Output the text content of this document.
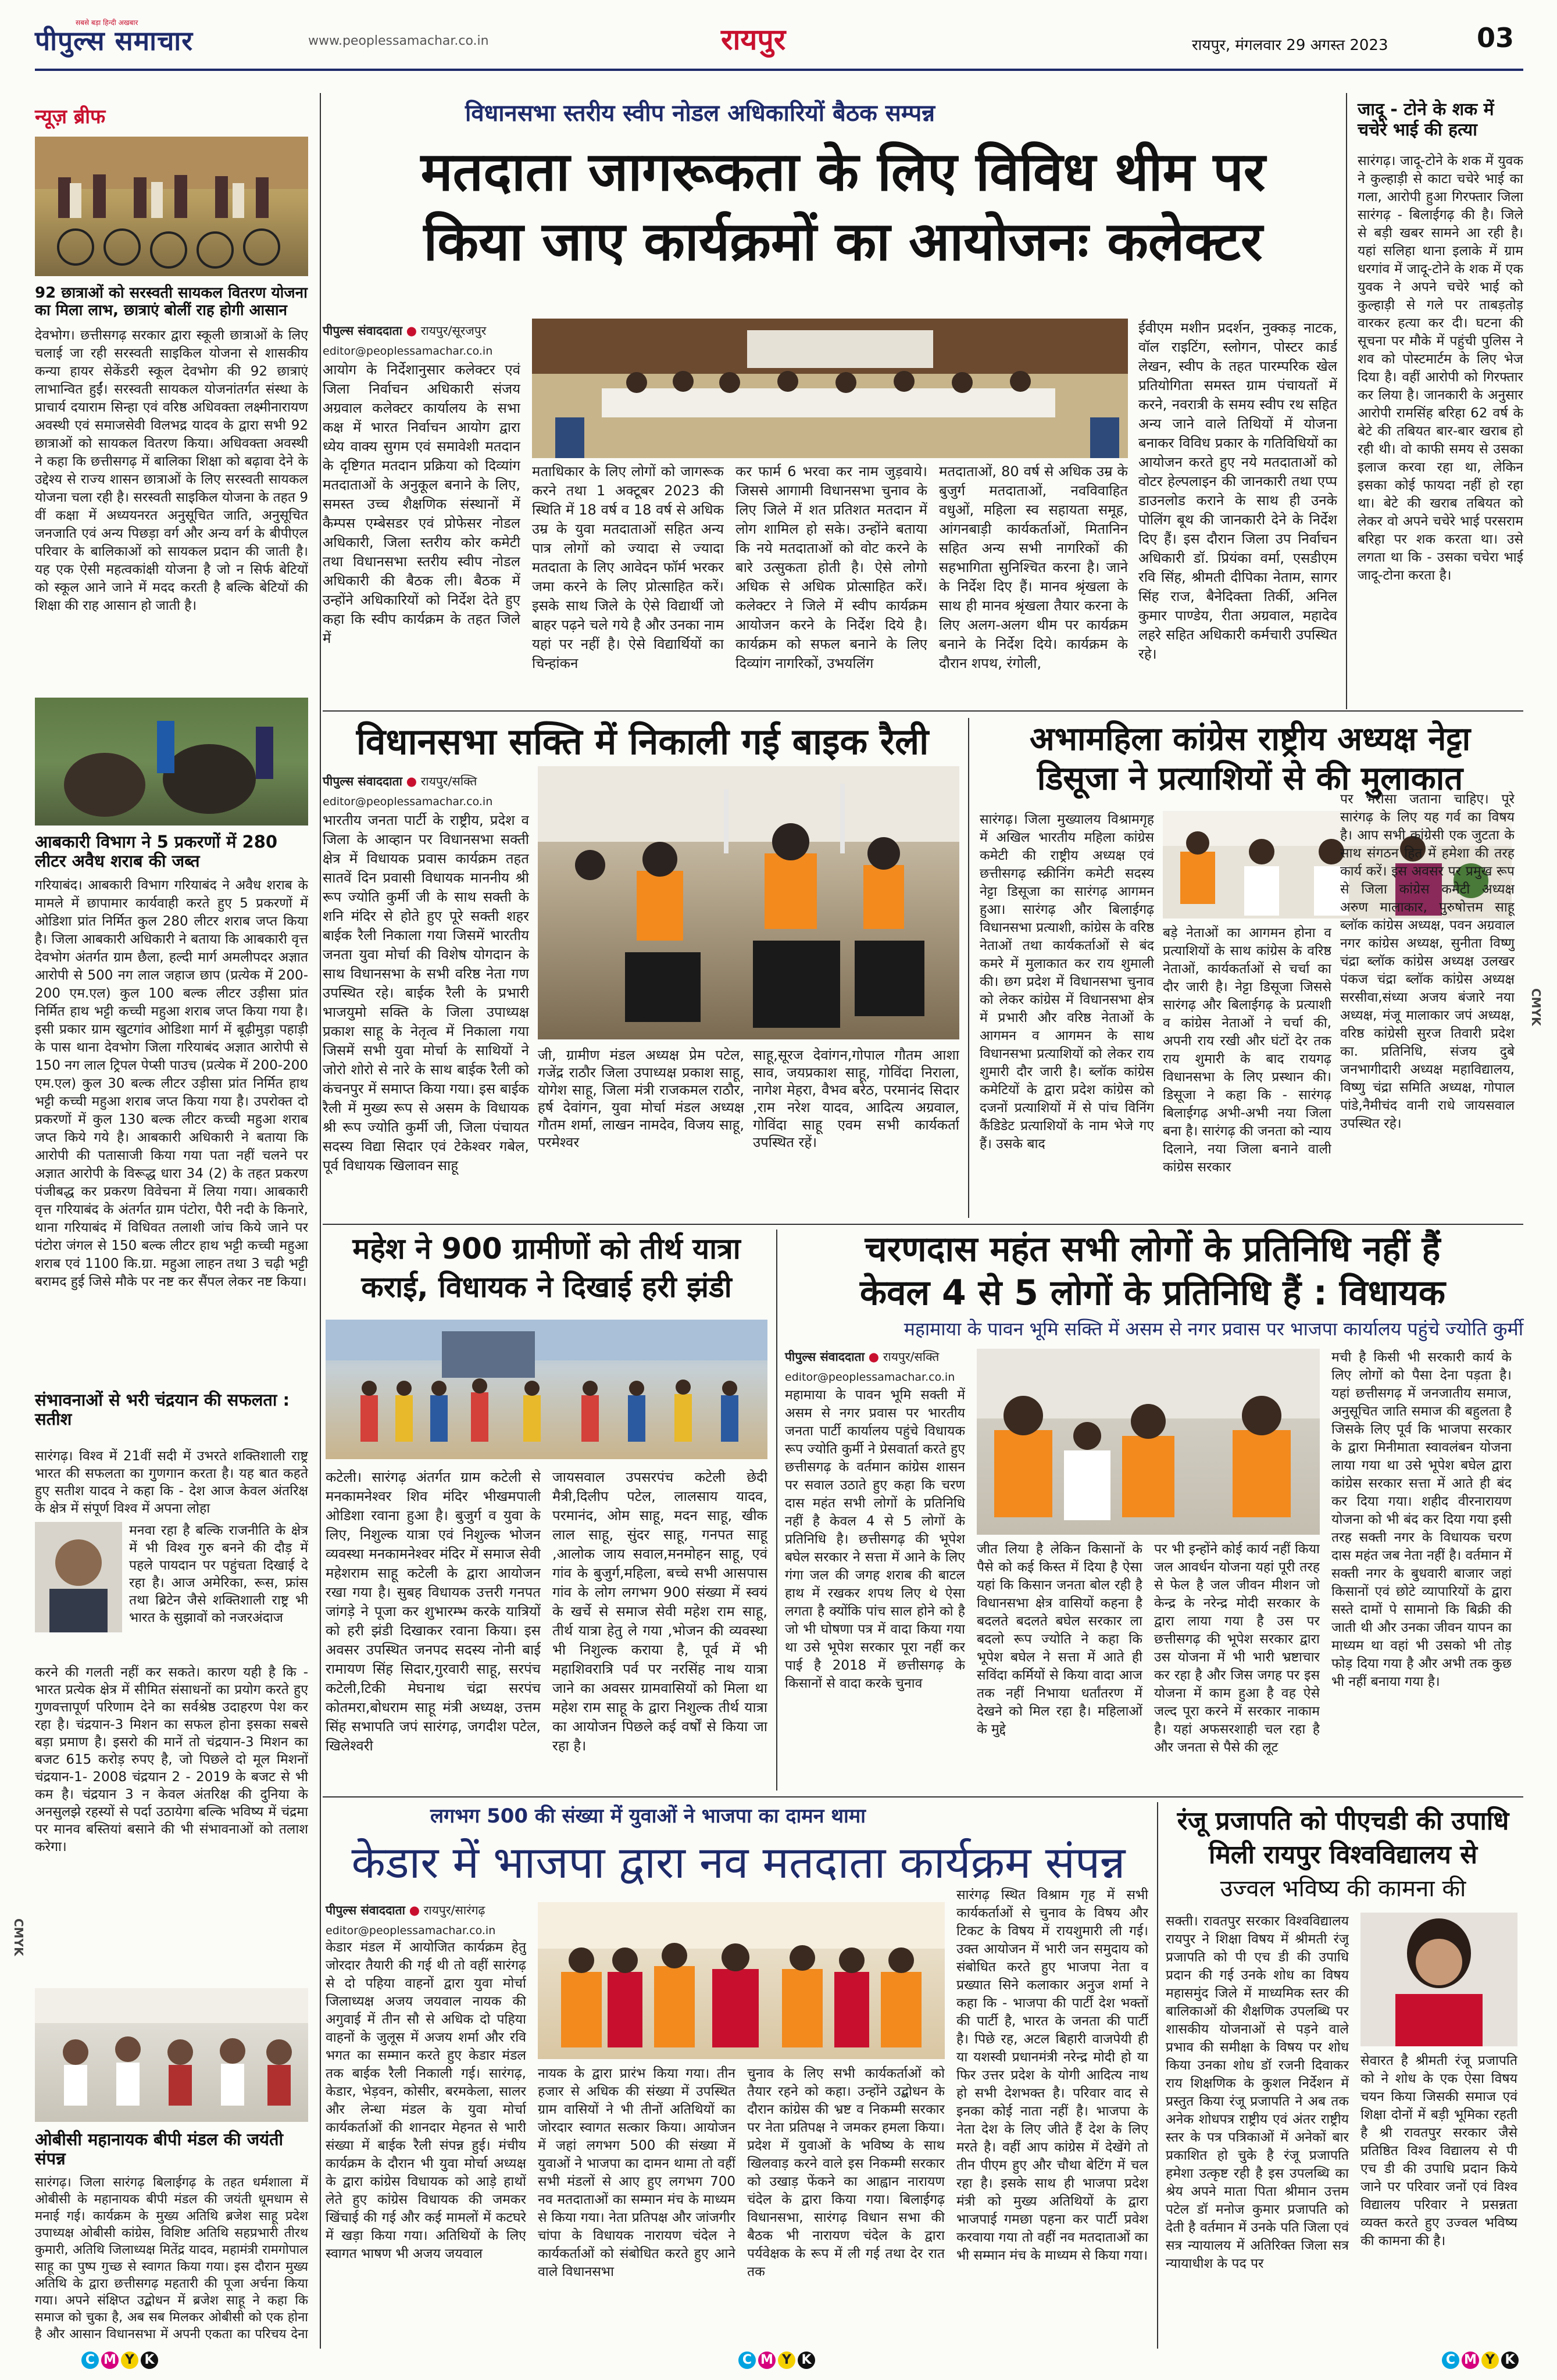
पीपुल्स समाचार
सबसे बड़ा हिन्दी अखबार
www.peoplessamachar.co.in	रायपुर	रायपुर, मंगलवार 29 अगस्त 2023	03
न्यूज़ ब्रीफ
92 छात्राओं को सरस्वती सायकल वितरण योजना का मिला लाभ, छात्राएं बोलीं राह होगी आसान
देवभोग। छत्तीसगढ़ सरकार द्वारा स्कूली छात्राओं के लिए चलाई जा रही सरस्वती साइकिल योजना से शासकीय कन्या हायर सेकेंडरी स्कूल देवभोग की 92 छात्राएं लाभान्वित हुईं। सरस्वती सायकल योजनांतर्गत संस्था के प्राचार्य दयाराम सिन्हा एवं वरिष्ठ अधिवक्ता लक्ष्मीनारायण अवस्थी एवं समाजसेवी विलभद्र यादव के द्वारा सभी 92 छात्राओं को सायकल वितरण किया। अधिवक्ता अवस्थी ने कहा कि छत्तीसगढ़ में बालिका शिक्षा को बढ़ावा देने के उद्देश्य से राज्य शासन छात्राओं के लिए सरस्वती सायकल योजना चला रही है। सरस्वती साइकिल योजना के तहत 9 वीं कक्षा में अध्ययनरत अनुसूचित जाति, अनुसूचित जनजाति एवं अन्य पिछड़ा वर्ग और अन्य वर्ग के बीपीएल परिवार के बालिकाओं को सायकल प्रदान की जाती है। यह एक ऐसी महत्वकांक्षी योजना है जो न सिर्फ बेटियों को स्कूल आने जाने में मदद करती है बल्कि बेटियों की शिक्षा की राह आसान हो जाती है।
आबकारी विभाग ने 5 प्रकरणों में 280 लीटर अवैध शराब की जब्त
गरियाबंद। आबकारी विभाग गरियाबंद ने अवैध शराब के मामले में छापामार कार्यवाही करते हुए 5 प्रकरणों में ओडिशा प्रांत निर्मित कुल 280 लीटर शराब जप्त किया है। जिला आबकारी अधिकारी ने बताया कि आबकारी वृत्त देवभोग अंतर्गत ग्राम छैला, हल्दी मार्ग अमलीपदर अज्ञात आरोपी से 500 नग लाल जहाज छाप (प्रत्येक में 200-200 एम.एल) कुल 100 बल्क लीटर उड़ीसा प्रांत निर्मित हाथ भट्टी कच्ची महुआ शराब जप्त किया गया है। इसी प्रकार ग्राम खुटगांव ओडिशा मार्ग में बूढ़ीमुड़ा पहाड़ी के पास थाना देवभोग जिला गरियाबंद अज्ञात आरोपी से 150 नग लाल ट्रिपल पेप्सी पाउच (प्रत्येक में 200-200 एम.एल) कुल 30 बल्क लीटर उड़ीसा प्रांत निर्मित हाथ भट्टी कच्ची महुआ शराब जप्त किया गया है। उपरोक्त दो प्रकरणों में कुल 130 बल्क लीटर कच्ची महुआ शराब जप्त किये गये है। आबकारी अधिकारी ने बताया कि आरोपी की पतासाजी किया गया पता नहीं चलने पर अज्ञात आरोपी के विरूद्ध धारा 34 (2) के तहत प्रकरण पंजीबद्ध कर प्रकरण विवेचना में लिया गया। आबकारी वृत्त गरियाबंद के अंतर्गत ग्राम पंटोरा, पैरी नदी के किनारे, थाना गरियाबंद में विधिवत तलाशी जांच किये जाने पर पंटोरा जंगल से 150 बल्क लीटर हाथ भट्टी कच्ची महुआ शराब एवं 1100 कि.ग्रा. महुआ लाहन तथा 3 चढ़ी भट्टी बरामद हुई जिसे मौके पर नष्ट कर सैंपल लेकर नष्ट किया।
संभावनाओं से भरी चंद्रयान की सफलता : सतीश
सारंगढ़। विश्व में 21वीं सदी में उभरते शक्तिशाली राष्ट्र भारत की सफलता का गुणगान करता है। यह बात कहते हुए सतीश यादव ने कहा कि - देश आज केवल अंतरिक्ष के क्षेत्र में संपूर्ण विश्व में अपना लोहा
मनवा रहा है बल्कि राजनीति के क्षेत्र में भी विश्व गुरु बनने की दौड़ में पहले पायदान पर पहुंचता दिखाई दे रहा है। आज अमेरिका, रूस, फ्रांस तथा ब्रिटेन जैसे शक्तिशाली राष्ट्र भी भारत के सुझावों को नजरअंदाज
करने की गलती नहीं कर सकते। कारण यही है कि - भारत प्रत्येक क्षेत्र में सीमित संसाधनों का प्रयोग करते हुए गुणवत्तापूर्ण परिणाम देने का सर्वश्रेष्ठ उदाहरण पेश कर रहा है। चंद्रयान-3 मिशन का सफल होना इसका सबसे बड़ा प्रमाण है। इसरो की मानें तो चंद्रयान-3 मिशन का बजट 615 करोड़ रुपए है, जो पिछले दो मूल मिशनों चंद्रयान-1- 2008 चंद्रयान 2 - 2019 के बजट से भी कम है। चंद्रयान 3 न केवल अंतरिक्ष की दुनिया के अनसुलझे रहस्यों से पर्दा उठायेगा बल्कि भविष्य में चंद्रमा पर मानव बस्तियां बसाने की भी संभावनाओं को तलाश करेगा।
ओबीसी महानायक बीपी मंडल की जयंती संपन्न
सारंगढ़। जिला सारंगढ़ बिलाईगढ़ के तहत धर्मशाला में ओबीसी के महानायक बीपी मंडल की जयंती धूमधाम से मनाई गई। कार्यक्रम के मुख्य अतिथि ब्रजेश साहू प्रदेश उपाध्यक्ष ओबीसी कांग्रेस, विशिष्ट अतिथि सहप्रभारी तीरथ कुमारी, अतिथि जिलाध्यक्ष मितेंद्र यादव, महामंत्री रामगोपाल साहू का पुष्प गुच्छ से स्वागत किया गया। इस दौरान मुख्य अतिथि के द्वारा छत्तीसगढ़ महतारी की पूजा अर्चना किया गया। अपने संक्षिप्त उद्बोधन में ब्रजेश साहू ने कहा कि समाज को चुका है, अब सब मिलकर ओबीसी को एक होना है और आसान विधानसभा में अपनी एकता का परिचय देना
CMYK
विधानसभा स्तरीय स्वीप नोडल अधिकारियों बैठक सम्पन्न
मतदाता जागरूकता के लिए विविध थीम पर
किया जाए कार्यक्रमों का आयोजनः कलेक्टर
पीपुल्स संवाददाता ● रायपुर/सूरजपुर
editor@peoplessamachar.co.in
आयोग के निर्देशानुसार कलेक्टर एवं जिला निर्वाचन अधिकारी संजय अग्रवाल कलेक्टर कार्यालय के सभा कक्ष में भारत निर्वाचन आयोग द्वारा ध्येय वाक्य सुगम एवं समावेशी मतदान के दृष्टिगत मतदान प्रक्रिया को दिव्यांग मतदाताओं के अनुकूल बनाने के लिए, समस्त उच्च शैक्षणिक संस्थानों में कैम्पस एम्बेसडर एवं प्रोफेसर नोडल अधिकारी, जिला स्तरीय कोर कमेटी तथा विधानसभा स्तरीय स्वीप नोडल अधिकारी की बैठक ली। बैठक में उन्होंने अधिकारियों को निर्देश देते हुए कहा कि स्वीप कार्यक्रम के तहत जिले में
मताधिकार के लिए लोगों को जागरूक करने तथा 1 अक्टूबर 2023 की स्थिति में 18 वर्ष व 18 वर्ष से अधिक उम्र के युवा मतदाताओं सहित अन्य पात्र लोगों को ज्यादा से ज्यादा मतदाता के लिए आवेदन फॉर्म भरकर जमा करने के लिए प्रोत्साहित करें। इसके साथ जिले के ऐसे विद्यार्थी जो बाहर पढ़ने चले गये है और उनका नाम यहां पर नहीं है। ऐसे विद्यार्थियों का चिन्हांकन
कर फार्म 6 भरवा कर नाम जुड़वाये। जिससे आगामी विधानसभा चुनाव के लिए जिले में शत प्रतिशत मतदान में लोग शामिल हो सके। उन्होंने बताया कि नये मतदाताओं को वोट करने के बारे उत्सुकता होती है। ऐसे लोगो अधिक से अधिक प्रोत्साहित करें। कलेक्टर ने जिले में स्वीप कार्यक्रम आयोजन करने के निर्देश दिये है। कार्यक्रम को सफल बनाने के लिए दिव्यांग नागरिकों, उभयलिंग
मतदाताओं, 80 वर्ष से अधिक उम्र के बुजुर्ग मतदाताओं, नवविवाहित वधुओं, महिला स्व सहायता समूह, आंगनबाड़ी कार्यकर्ताओं, मितानिन सहित अन्य सभी नागरिकों की सहभागिता सुनिश्चित करना है। जाने के निर्देश दिए हैं। मानव श्रृंखला के साथ ही मानव श्रृंखला तैयार करना के लिए अलग-अलग थीम पर कार्यक्रम बनाने के निर्देश दिये। कार्यक्रम के दौरान शपथ, रंगोली,
ईवीएम मशीन प्रदर्शन, नुक्कड़ नाटक, वॉल राइटिंग, स्लोगन, पोस्टर कार्ड लेखन, स्वीप के तहत पारम्परिक खेल प्रतियोगिता समस्त ग्राम पंचायतों में करने, नवरात्री के समय स्वीप रथ सहित अन्य जाने वाले तिथियों में योजना बनाकर विविध प्रकार के गतिविधियों का आयोजन करते हुए नये मतदाताओं को वोटर हेल्पलाइन की जानकारी तथा एप्प डाउनलोड कराने के साथ ही उनके पोलिंग बूथ की जानकारी देने के निर्देश दिए हैं। इस दौरान जिला उप निर्वाचन अधिकारी डॉ. प्रियंका वर्मा, एसडीएम रवि सिंह, श्रीमती दीपिका नेताम, सागर सिंह राज, बैनेदिक्ता तिर्की, अनिल कुमार पाण्डेय, रीता अग्रवाल, महादेव लहरे सहित अधिकारी कर्मचारी उपस्थित रहे।
जादू - टोने के शक में चचेरे भाई की हत्या
सारंगढ़। जादू-टोने के शक में युवक ने कुल्हाड़ी से काटा चचेरे भाई का गला, आरोपी हुआ गिरफ्तार जिला सारंगढ़ - बिलाईगढ़ की है। जिले से बड़ी खबर सामने आ रही है। यहां सलिहा थाना इलाके में ग्राम धरगांव में जादू-टोने के शक में एक युवक ने अपने चचेरे भाई को कुल्हाड़ी से गले पर ताबड़तोड़ वारकर हत्या कर दी। घटना की सूचना पर मौके में पहुंची पुलिस ने शव को पोस्टमार्टम के लिए भेज दिया है। वहीं आरोपी को गिरफ्तार कर लिया है। जानकारी के अनुसार आरोपी रामसिंह बरिहा 62 वर्ष के बेटे की तबियत बार-बार खराब हो रही थी। वो काफी समय से उसका इलाज करवा रहा था, लेकिन इसका कोई फायदा नहीं हो रहा था। बेटे की खराब तबियत को लेकर वो अपने चचेरे भाई परसराम बरिहा पर शक करता था। उसे लगता था कि - उसका चचेरा भाई जादू-टोना करता है।
विधानसभा सक्ति में निकाली गई बाइक रैली
पीपुल्स संवाददाता ● रायपुर/सक्ति
editor@peoplessamachar.co.in
भारतीय जनता पार्टी के राष्ट्रीय, प्रदेश व जिला के आव्हान पर विधानसभा सक्ती क्षेत्र में विधायक प्रवास कार्यक्रम तहत सातवें दिन प्रवासी विधायक माननीय श्री रूप ज्योति कुर्मी जी के साथ सक्ती के शनि मंदिर से होते हुए पूरे सक्ती शहर बाईक रैली निकाला गया जिसमें भारतीय जनता युवा मोर्चा की विशेष योगदान के साथ विधानसभा के सभी वरिष्ठ नेता गण उपस्थित रहे। बाईक रैली के प्रभारी भाजयुमो सक्ति के जिला उपाध्यक्ष प्रकाश साहू के नेतृत्व में निकाला गया जिसमें सभी युवा मोर्चा के साथियों ने जोरो शोरो से नारे के साथ बाईक रैली को कंचनपुर में समाप्त किया गया। इस बाईक रैली में मुख्य रूप से असम के विधायक श्री रूप ज्योति कुर्मी जी, जिला पंचायत सदस्य विद्या सिदार एवं टेकेश्वर गबेल, पूर्व विधायक खिलावन साहू
जी, ग्रामीण मंडल अध्यक्ष प्रेम पटेल, गजेंद्र राठौर जिला उपाध्यक्ष प्रकाश साहू, योगेश साहू, जिला मंत्री राजकमल राठौर, हर्ष देवांगन, युवा मोर्चा मंडल अध्यक्ष गौतम शर्मा, लाखन नामदेव, विजय साहू, परमेश्वर
साहू,सूरज देवांगन,गोपाल गौतम आशा साव, जयप्रकाश साहू, गोविंदा निराला, नागेश मेहरा, वैभव बरेठ, परमानंद सिदार ,राम नरेश यादव, आदित्य अग्रवाल, गोविंदा साहू एवम सभी कार्यकर्ता उपस्थित रहें।
अभामहिला कांग्रेस राष्ट्रीय अध्यक्ष नेट्टा
डिसूजा ने प्रत्याशियों से की मुलाकात
सारंगढ़। जिला मुख्यालय विश्रामगृह में अखिल भारतीय महिला कांग्रेस कमेटी की राष्ट्रीय अध्यक्ष एवं छत्तीसगढ़ स्क्रीनिंग कमेटी सदस्य नेट्टा डिसूजा का सारंगढ़ आगमन हुआ। सारंगढ़ और बिलाईगढ़ विधानसभा प्रत्याशी, कांग्रेस के वरिष्ठ नेताओं तथा कार्यकर्ताओं से बंद कमरे में मुलाकात कर राय शुमाली की। छग प्रदेश में विधानसभा चुनाव को लेकर कांग्रेस में विधानसभा क्षेत्र में प्रभारी और वरिष्ठ नेताओं के आगमन व आगमन के साथ विधानसभा प्रत्याशियों को लेकर राय शुमारी दौर जारी है। ब्लॉक कांग्रेस कमेटियों के द्वारा प्रदेश कांग्रेस को दजनों प्रत्याशियों में से पांच विनिंग कैंडिडेट प्रत्याशियों के नाम भेजे गए हैं। उसके बाद
बड़े नेताओं का आगमन होना व प्रत्याशियों के साथ कांग्रेस के वरिष्ठ नेताओं, कार्यकर्ताओं से चर्चा का दौर जारी है। नेट्टा डिसूजा जिससे सारंगढ़ और बिलाईगढ़ के प्रत्याशी व कांग्रेस नेताओं ने चर्चा की, अपनी राय रखी और घंटों देर तक राय शुमारी के बाद रायगढ़ विधानसभा के लिए प्रस्थान की। डिसूजा ने कहा कि - सारंगढ़ बिलाईगढ़ अभी-अभी नया जिला बना है। सारंगढ़ की जनता को न्याय दिलाने, नया जिला बनाने वाली कांग्रेस सरकार
पर भरोसा जताना चाहिए। पूरे सारंगढ़ के लिए यह गर्व का विषय है। आप सभी कांग्रेसी एक जुटता के साथ संगठन हित में हमेशा की तरह कार्य करें। इस अवसर पर प्रमुख रूप से जिला कांग्रेस कमेटी अध्यक्ष अरुण मालाकार, पुरुषोत्तम साहू ब्लॉक कांग्रेस अध्यक्ष, पवन अग्रवाल नगर कांग्रेस अध्यक्ष, सुनीता विष्णु चंद्रा ब्लॉक कांग्रेस अध्यक्ष उलखर पंकज चंद्रा ब्लॉक कांग्रेस अध्यक्ष सरसीवा,संध्या अजय बंजारे नया अध्यक्ष, मंजू मालाकार जपं अध्यक्ष, वरिष्ठ कांग्रेसी सुरज तिवारी प्रदेश का. प्रतिनिधि, संजय दुबे जनभागीदारी अध्यक्ष महाविद्यालय, विष्णु चंद्रा समिति अध्यक्ष, गोपाल पांडे,नैमीचंद वानी राधे जायसवाल उपस्थित रहे।
CMYK
महेश ने 900 ग्रामीणों को तीर्थ यात्रा
कराई, विधायक ने दिखाई हरी झंडी
कटेली। सारंगढ़ अंतर्गत ग्राम कटेली से मनकामनेश्वर शिव मंदिर भीखमपाली ओडिशा रवाना हुआ है। बुजुर्ग व युवा के लिए, निशुल्क यात्रा एवं निशुल्क भोजन व्यवस्था मनकामनेश्वर मंदिर में समाज सेवी महेशराम साहू कटेली के द्वारा आयोजन रखा गया है। सुबह विधायक उत्तरी गनपत जांगड़े ने पूजा कर शुभारम्भ करके यात्रियों को हरी झंडी दिखाकर रवाना किया। इस अवसर उपस्थित जनपद सदस्य नोनी बाई रामायण सिंह सिदार,गुरवारी साहू, सरपंच कटेली,टिकी मेघनाथ चंद्रा सरपंच कोतमरा,बोधराम साहू मंत्री अध्यक्ष, उत्तम सिंह सभापति जपं सारंगढ़, जगदीश पटेल, खिलेश्वरी
जायसवाल उपसरपंच कटेली छेदी मैत्री,दिलीप पटेल, लालसाय यादव, परमानंद, ओम साहू, मदन साहू, खीक लाल साहू, सुंदर साहू, गनपत साहू ,आलोक जाय सवाल,मनमोहन साहू, एवं गांव के बुजुर्ग,महिला, बच्चे सभी आसपास गांव के लोग लगभग 900 संख्या में स्वयं के खर्चे से समाज सेवी महेश राम साहू, तीर्थ यात्रा हेतु ले गया ,भोजन की व्यवस्था भी निशुल्क कराया है, पूर्व में भी महाशिवरात्रि पर्व पर नरसिंह नाथ यात्रा जाने का अवसर ग्रामवासियों को मिला था महेश राम साहू के द्वारा निशुल्क तीर्थ यात्रा का आयोजन पिछले कई वर्षों से किया जा रहा है।
चरणदास महंत सभी लोगों के प्रतिनिधि नहीं हैं
केवल 4 से 5 लोगों के प्रतिनिधि हैं : विधायक
महामाया के पावन भूमि सक्ति में असम से नगर प्रवास पर भाजपा कार्यालय पहुंचे ज्योति कुर्मी
पीपुल्स संवाददाता ● रायपुर/सक्ति
editor@peoplessamachar.co.in
महामाया के पावन भूमि सक्ती में असम से नगर प्रवास पर भारतीय जनता पार्टी कार्यालय पहुंचे विधायक रूप ज्योति कुर्मी ने प्रेसवार्ता करते हुए छत्तीसगढ़ के वर्तमान कांग्रेस शासन पर सवाल उठाते हुए कहा कि चरण दास महंत सभी लोगों के प्रतिनिधि नहीं है केवल 4 से 5 लोगों के प्रतिनिधि है। छत्तीसगढ़ की भूपेश बघेल सरकार ने सत्ता में आने के लिए गंगा जल की जगह शराब की बाटल हाथ में रखकर शपथ लिए थे ऐसा लगता है क्योंकि पांच साल होने को है जो भी घोषणा पत्र में वादा किया गया था उसे भूपेश सरकार पूरा नहीं कर पाई है 2018 में छत्तीसगढ़ के किसानों से वादा करके चुनाव
जीत लिया है लेकिन किसानों के पैसे को कई किस्त में दिया है ऐसा यहां कि किसान जनता बोल रही है विधानसभा क्षेत्र वासियों कहना है बदलते बदलते बघेल सरकार ला बदलो रूप ज्योति ने कहा कि भूपेश बघेल ने सत्ता में आते ही सविंदा कर्मियों से किया वादा आज तक नहीं निभाया धर्तांतरण में देखने को मिल रहा है। महिलाओं के मुद्दे
पर भी इन्होंने कोई कार्य नहीं किया जल आवर्धन योजना यहां पूरी तरह से फेल है जल जीवन मीशन जो केन्द्र के नरेन्द्र मोदी सरकार के द्वारा लाया गया है उस पर छत्तीसगढ़ की भूपेश सरकार द्वारा उस योजना में भी भारी भ्रष्टाचार कर रहा है और जिस जगह पर इस योजना में काम हुआ है वह ऐसे जल्द पूरा करने में सरकार नाकाम है। यहां अफसरशाही चल रहा है और जनता से पैसे की लूट
मची है किसी भी सरकारी कार्य के लिए लोगों को पैसा देना पड़ता है। यहां छत्तीसगढ़ में जनजातीय समाज, अनुसूचित जाति समाज की बहुलता है जिसके लिए पूर्व कि भाजपा सरकार के द्वारा मिनीमाता स्वावलंबन योजना लाया गया था उसे भूपेश बघेल द्वारा कांग्रेस सरकार सत्ता में आते ही बंद कर दिया गया। शहीद वीरनारायण योजना को भी बंद कर दिया गया इसी तरह सक्ती नगर के विधायक चरण दास महंत जब नेता नहीं है। वर्तमान में सक्ती नगर के बुधवारी बाजार जहां किसानों एवं छोटे व्यापारियों के द्वारा सस्ते दामों पे सामानो कि बिक्री की जाती थी और उनका जीवन यापन का माध्यम था वहां भी उसको भी तोड़ फोड़ दिया गया है और अभी तक कुछ भी नहीं बनाया गया है।
लगभग 500 की संख्या में युवाओं ने भाजपा का दामन थामा
केडार में भाजपा द्वारा नव मतदाता कार्यक्रम संपन्न
पीपुल्स संवाददाता ● रायपुर/सारंगढ़
editor@peoplessamachar.co.in
केडार मंडल में आयोजित कार्यक्रम हेतु जोरदार तैयारी की गई थी तो वहीं सारंगढ़ से दो पहिया वाहनों द्वारा युवा मोर्चा जिलाध्यक्ष अजय जयवाल नायक की अगुवाई में तीन सौ से अधिक दो पहिया वाहनों के जुलूस में अजय शर्मा और रवि भगत का सम्मान करते हुए केडार मंडल तक बाईक रैली निकाली गई। सारंगढ़, केडार, भेड़वन, कोसीर, बरमकेला, सालर और लेन्धा मंडल के युवा मोर्चा कार्यकर्ताओं की शानदार मेहनत से भारी संख्या में बाईक रैली संपन्न हुई। मंचीय कार्यक्रम के दौरान भी युवा मोर्चा अध्यक्ष के द्वारा कांग्रेस विधायक को आड़े हाथों लेते हुए कांग्रेस विधायक की जमकर खिंचाई की गई और कई मामलों में कटघरे में खड़ा किया गया। अतिथियों के लिए स्वागत भाषण भी अजय जयवाल
नायक के द्वारा प्रारंभ किया गया। तीन हजार से अधिक की संख्या में उपस्थित ग्राम वासियों ने भी तीनों अतिथियों का जोरदार स्वागत सत्कार किया। आयोजन में जहां लगभग 500 की संख्या में युवाओं ने भाजपा का दामन थामा तो वहीं सभी मंडलों से आए हुए लगभग 700 नव मतदाताओं का सम्मान मंच के माध्यम से किया गया। नेता प्रतिपक्ष और जांजगीर चांपा के विधायक नारायण चंदेल ने कार्यकर्ताओं को संबोधित करते हुए आने वाले विधानसभा
चुनाव के लिए सभी कार्यकर्ताओं को तैयार रहने को कहा। उन्होंने उद्बोधन के दौरान कांग्रेस की भ्रष्ट व निकम्मी सरकार पर नेता प्रतिपक्ष ने जमकर हमला किया। प्रदेश में युवाओं के भविष्य के साथ खिलवाड़ करने वाले इस निकम्मी सरकार को उखाड़ फेंकने का आह्वान नारायण चंदेल के द्वारा किया गया। बिलाईगढ़ विधानसभा, सारंगढ़ विधान सभा की बैठक भी नारायण चंदेल के द्वारा पर्यवेक्षक के रूप में ली गई तथा देर रात तक
सारंगढ़ स्थित विश्राम गृह में सभी कार्यकर्ताओं से चुनाव के विषय और टिकट के विषय में रायशुमारी ली गई। उक्त आयोजन में भारी जन समुदाय को संबोधित करते हुए भाजपा नेता व प्रख्यात सिने कलाकार अनुज शर्मा ने कहा कि - भाजपा की पार्टी देश भक्तों की पार्टी है, भारत के जनता की पार्टी है। पिछे रह, अटल बिहारी वाजपेयी ही या यशस्वी प्रधानमंत्री नरेन्द्र मोदी हो या फिर उत्तर प्रदेश के योगी आदित्य नाथ हो सभी देशभक्त है। परिवार वाद से इनका कोई नाता नहीं है। भाजपा के नेता देश के लिए जीते हैं देश के लिए मरते है। वहीं आप कांग्रेस में देखेंगे तो तीन पीएम हुए और चौथा बेटिंग में चल रहा है। इसके साथ ही भाजपा प्रदेश मंत्री को मुख्य अतिथियों के द्वारा भाजपाई गमछा पहना कर पार्टी प्रवेश करवाया गया तो वहीं नव मतदाताओं का भी सम्मान मंच के माध्यम से किया गया।
रंजू प्रजापति को पीएचडी की उपाधि
मिली रायपुर विश्वविद्यालय से
उज्वल भविष्य की कामना की
सक्ती। रावतपुर सरकार विश्वविद्यालय रायपुर ने शिक्षा विषय में श्रीमती रंजू प्रजापति को पी एच डी की उपाधि प्रदान की गई उनके शोध का विषय महासमुंद जिले में माध्यमिक स्तर की बालिकाओं की शैक्षणिक उपलब्धि पर शासकीय योजनाओं से पड़ने वाले प्रभाव की समीक्षा के विषय पर शोध किया उनका शोध डॉ रजनी दिवाकर राय शिक्षणिक के कुशल निर्देशन में प्रस्तुत किया रंजू प्रजापति ने अब तक अनेक शोधपत्र राष्ट्रीय एवं अंतर राष्ट्रीय स्तर के पत्र पत्रिकाओं में अनेकों बार प्रकाशित हो चुके है रंजू प्रजापति हमेशा उत्कृष्ट रही है इस उपलब्धि का श्रेय अपने माता पिता श्रीमान उत्तम पटेल डॉ मनोज कुमार प्रजापति को देती है वर्तमान में उनके पति जिला एवं सत्र न्यायालय में अतिरिक्त जिला सत्र न्यायाधीश के पद पर
सेवारत है श्रीमती रंजू प्रजापति को ने शोध के एक ऐसा विषय चयन किया जिसकी समाज एवं शिक्षा दोनों में बड़ी भूमिका रहती है श्री रावतपुर सरकार जैसे प्रतिष्ठित विश्व विद्यालय से पी एच डी की उपाधि प्रदान किये जाने पर परिवार जनों एवं विश्व विद्यालय परिवार ने प्रसन्नता व्यक्त करते हुए उज्वल भविष्य की कामना की है।
C M Y K	C M Y K	C M Y K
